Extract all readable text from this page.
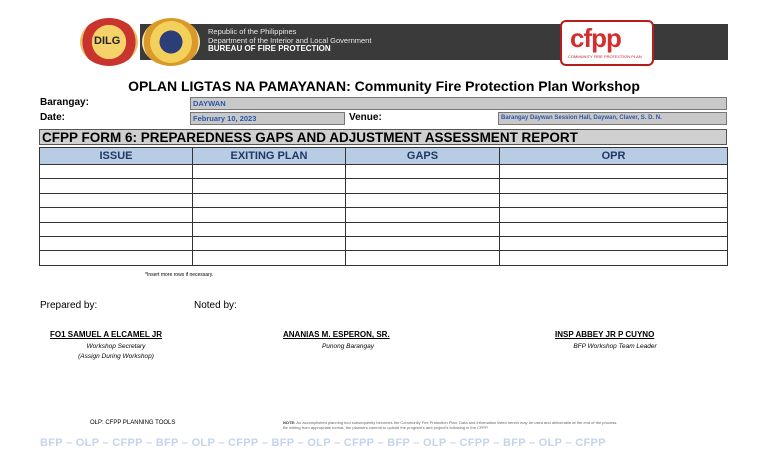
DILG
Republic of the Philippines
Department of the Interior and Local Government
BUREAU OF FIRE PROTECTION	cfpp
COMMUNITY FIRE PROTECTION PLAN
OPLAN LIGTAS NA PAMAYANAN: Community Fire Protection Plan Workshop
Barangay:	DAYWAN
Date:	February 10, 2023	Venue:	Barangay Daywan Session Hall, Daywan, Claver, S. D. N.
CFPP FORM 6: PREPAREDNESS GAPS AND ADJUSTMENT ASSESSMENT REPORT
ISSUE	EXITING PLAN	GAPS	OPR

*Insert more rows if necessary.
Prepared by:	Noted by:
FO1 SAMUEL A ELCAMEL JR
Workshop Secretary
(Assign During Workshop)
ANANIAS M. ESPERON, SR.
Punong Barangay
INSP ABBEY JR P CUYNO
BFP Workshop Team Leader
OLP: CFPP PLANNING TOOLS	NOTE: An accomplished planning tool subsequently becomes the Community Fire Protection Plan. Data and information listed herein may be used and deliverable at the end of the process. Be writing from appropriate format, the planners commit to uphold the program's and project's following in the CFPP.
BFP – OLP – CFPP – BFP – OLP – CFPP – BFP – OLP – CFPP – BFP – OLP – CFPP – BFP – OLP – CFPP
